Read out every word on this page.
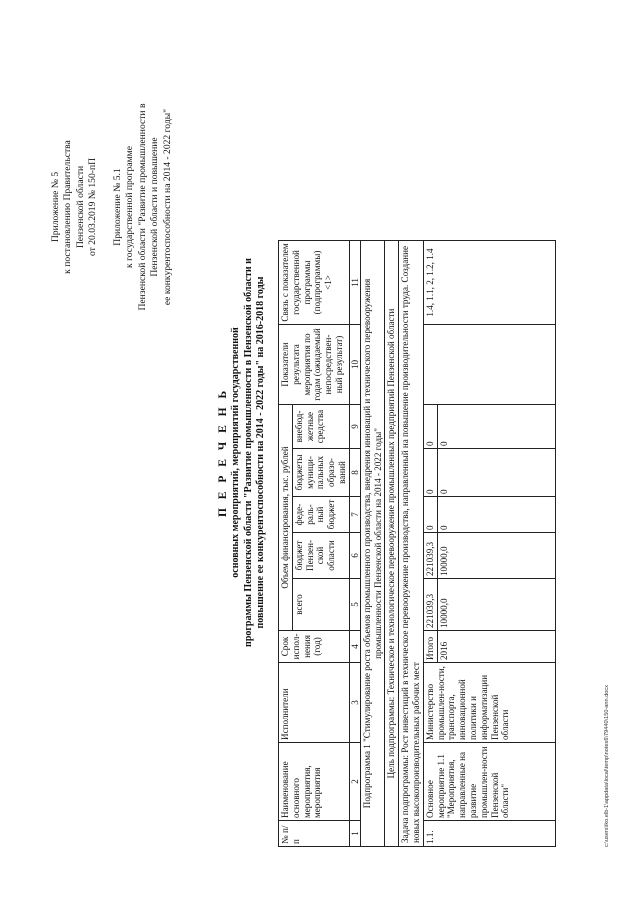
Приложение № 5 к постановлению Правительства Пензенской области от 20.03.2019 № 150-пП Приложение № 5.1 к государственной программе Пензенской области "Развитие промышленности в Пензенской области и повышение ее конкурентоспособности на 2014 - 2022 годы"
П Е Р Е Ч Е Н Ь основных мероприятий, мероприятий государственной программы Пензенской области "Развитие промышленности в Пензенской области и повышение ее конкурентоспособности на 2014 - 2022 годы" на 2016-2018 годы
№ п/п	Наименование основного мероприятия, мероприятия	Исполнители	Срок испол-нения (год)	Объем финансирования, тыс. рублей					Показатели результата мероприятия по годам (ожидаемый непосредствен-ный результат)	Связь с показателем государственной программы (подпрограммы) <1>
				всего	бюджет Пензен-ской области	феде-раль-ный бюджет	бюджеты муници-пальных образо-ваний	внебюд-жетные средства		
1	2	3	4	5	6	7	8	9	10	11
Подпрограмма 1 "Стимулирование роста объемов промышленного производства, внедрения инноваций и технического перевооружения промышленности Пензенской области на 2014 - 2022 годы"										
Цель подпрограммы: Техническое и технологическое перевооружение промышленных предприятий Пензенской области										
Задача подпрограммы: Рост инвестиций в техническое перевооружение производства, направленный на повышение производительности труда. Создание новых высокопроизводительных рабочих мест										
1.1.	Основное мероприятие 1.1 "Мероприятия, направленные на развитие промышлен-ности Пензенской области"	Министерство промышлен-ности, транспорта, инновационной политики и информатизации Пензенской области	Итого	221039,3	221039,3	0	0	0		1.4, 1.1, 2, 1.2, 1.4
			2016	10000,0	10000,0	0	0	0		
c:\users\iko.elb-1\appdata\local\temp\notes6\79440\150-ann.docx
